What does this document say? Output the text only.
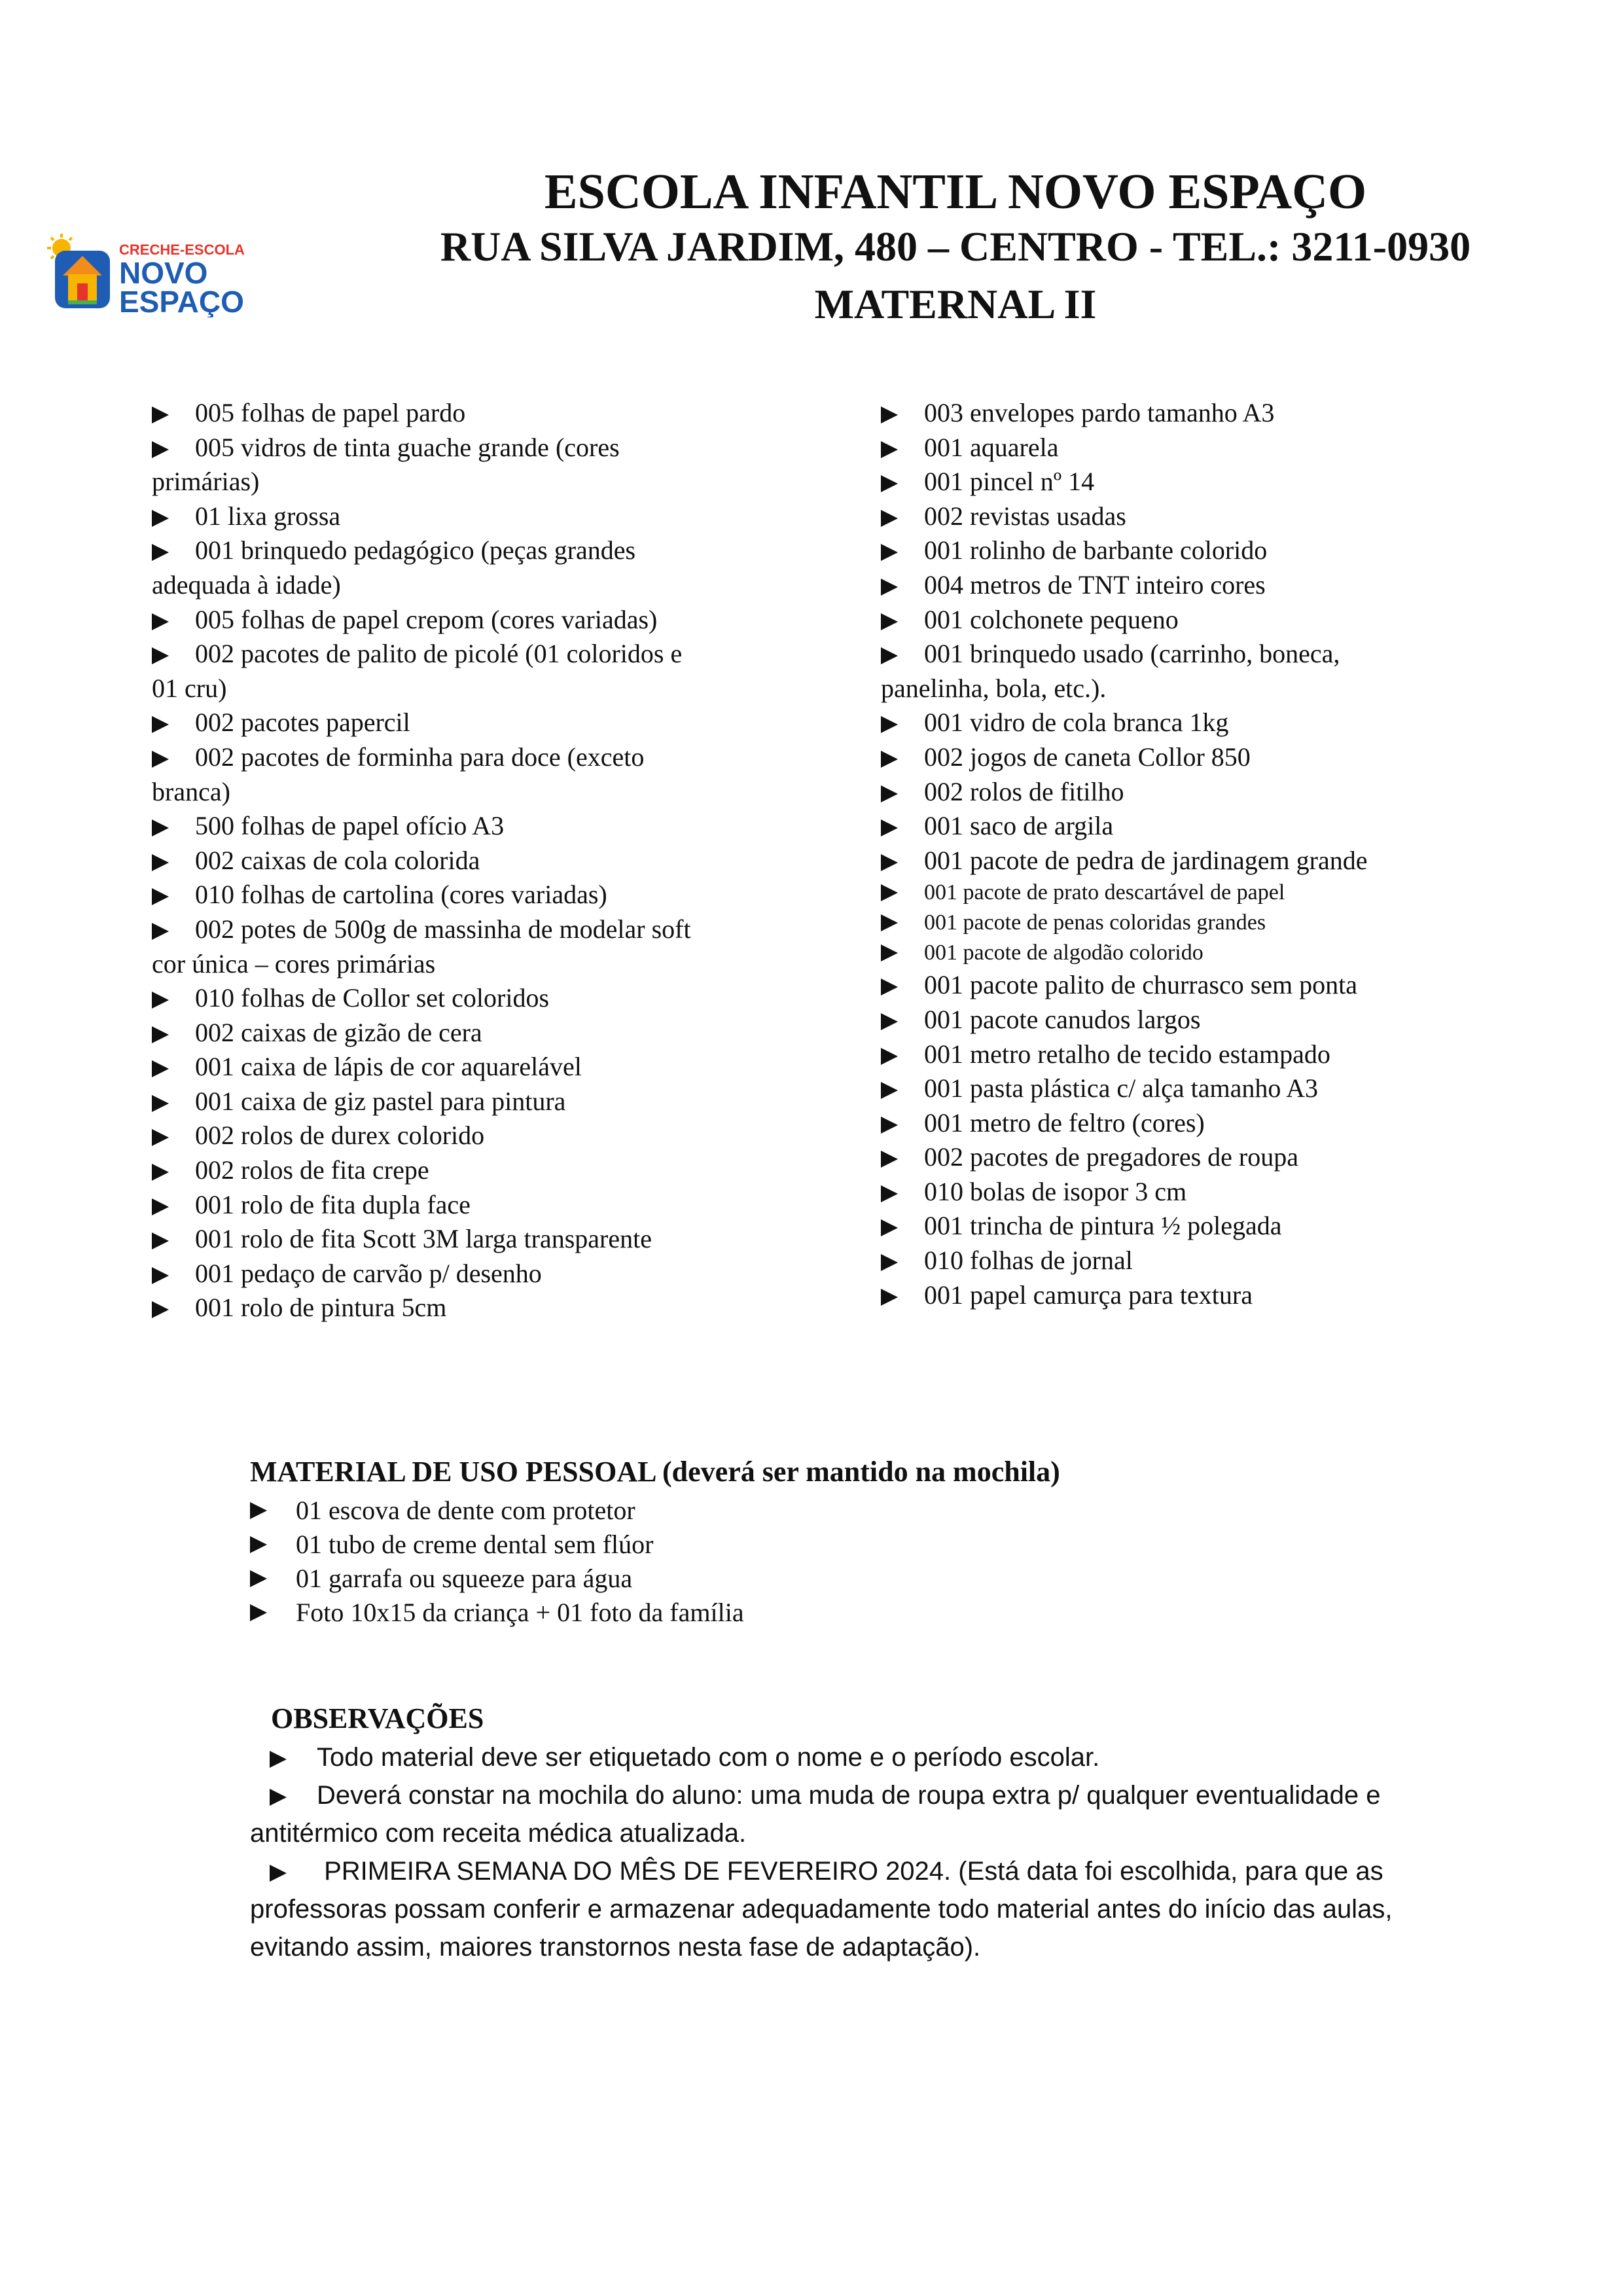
CRECHE-ESCOLA
NOVO
ESPAÇO
ESCOLA INFANTIL NOVO ESPAÇO
RUA SILVA JARDIM, 480 – CENTRO - TEL.: 3211-0930
MATERNAL II
005 folhas de papel pardo
005 vidros de tinta guache grande (cores
primárias)
01 lixa grossa
001 brinquedo pedagógico (peças grandes
adequada à idade)
005 folhas de papel crepom (cores variadas)
002 pacotes de palito de picolé (01 coloridos e
01 cru)
002 pacotes papercil
002 pacotes de forminha para doce (exceto
branca)
500 folhas de papel ofício A3
002 caixas de cola colorida
010 folhas de cartolina (cores variadas)
002 potes de 500g de massinha de modelar soft
cor única – cores primárias
010 folhas de Collor set coloridos
002 caixas de gizão de cera
001 caixa de lápis de cor aquarelável
001 caixa de giz pastel para pintura
002 rolos de durex colorido
002 rolos de fita crepe
001 rolo de fita dupla face
001 rolo de fita Scott 3M larga transparente
001 pedaço de carvão p/ desenho
001 rolo de pintura 5cm
003 envelopes pardo tamanho A3
001 aquarela
001 pincel nº 14
002 revistas usadas
001 rolinho de barbante colorido
004 metros de TNT inteiro cores
001 colchonete pequeno
001 brinquedo usado (carrinho, boneca,
panelinha, bola, etc.).
001 vidro de cola branca 1kg
002 jogos de caneta Collor 850
002 rolos de fitilho
001 saco de argila
001 pacote de pedra de jardinagem grande
001 pacote de prato descartável de papel
001 pacote de penas coloridas grandes
001 pacote de algodão colorido
001 pacote palito de churrasco sem ponta
001 pacote canudos largos
001 metro retalho de tecido estampado
001 pasta plástica c/ alça tamanho A3
001 metro de feltro (cores)
002 pacotes de pregadores de roupa
010 bolas de isopor 3 cm
001 trincha de pintura ½ polegada
010 folhas de jornal
001 papel camurça para textura
MATERIAL DE USO PESSOAL (deverá ser mantido na mochila)
01 escova de dente com protetor
01 tubo de creme dental sem flúor
01 garrafa ou squeeze para água
Foto 10x15 da criança + 01 foto da família
OBSERVAÇÕES
Todo material deve ser etiquetado com o nome e o período escolar.
Deverá constar na mochila do aluno: uma muda de roupa extra p/ qualquer eventualidade e
antitérmico com receita médica atualizada.
PRIMEIRA SEMANA DO MÊS DE FEVEREIRO 2024. (Está data foi escolhida, para que as
professoras possam conferir e armazenar adequadamente todo material antes do início das aulas,
evitando assim, maiores transtornos nesta fase de adaptação).
